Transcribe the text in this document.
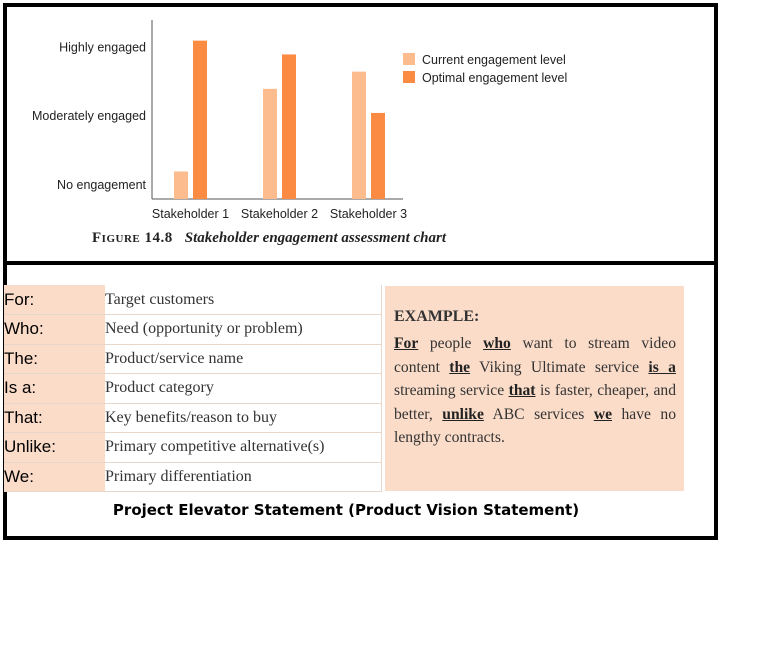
No engagement
Moderately engaged
Highly engaged
Stakeholder 1 Stakeholder 2 Stakeholder 3
Current engagement level
Optimal engagement level
Figure 14.8 Stakeholder engagement assessment chart
For:	Target customers
Who:	Need (opportunity or problem)
The:	Product/service name
Is a:	Product category
That:	Key benefits/reason to buy
Unlike:	Primary competitive alternative(s)
We:	Primary differentiation
EXAMPLE:
For people who want to stream video content the Viking Ultimate service is a streaming service that is faster, cheaper, and better, unlike ABC services we have no lengthy contracts.
Project Elevator Statement (Product Vision Statement)
